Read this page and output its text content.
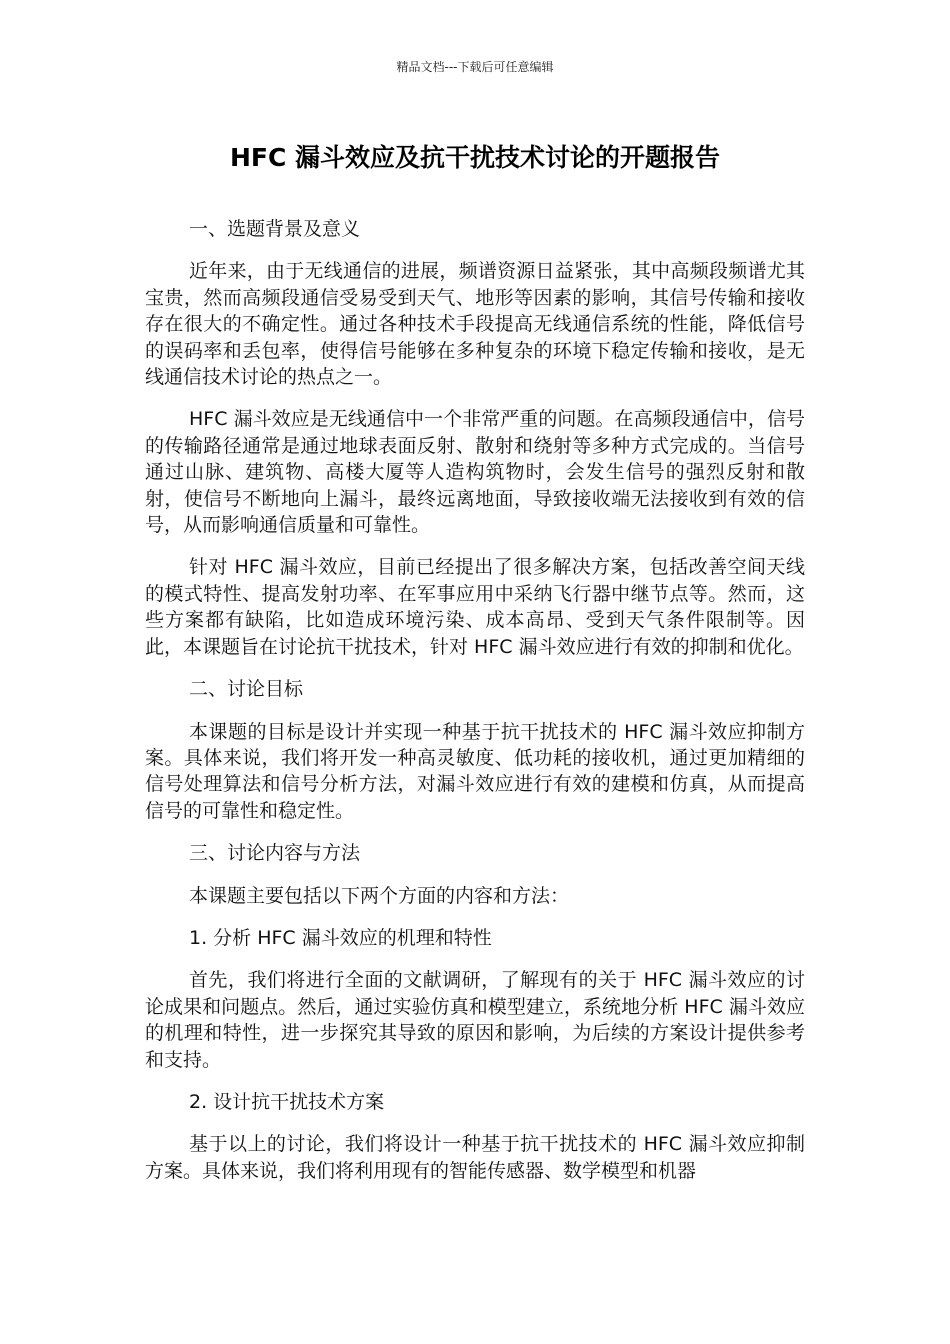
精品文档---下载后可任意编辑
HFC 漏斗效应及抗干扰技术讨论的开题报告

一、选题背景及意义

近年来，由于无线通信的进展，频谱资源日益紧张，其中高频段频谱尤其宝贵，然而高频段通信受易受到天气、地形等因素的影响，其信号传输和接收存在很大的不确定性。通过各种技术手段提高无线通信系统的性能，降低信号的误码率和丢包率，使得信号能够在多种复杂的环境下稳定传输和接收，是无线通信技术讨论的热点之一。

HFC 漏斗效应是无线通信中一个非常严重的问题。在高频段通信中，信号的传输路径通常是通过地球表面反射、散射和绕射等多种方式完成的。当信号通过山脉、建筑物、高楼大厦等人造构筑物时，会发生信号的强烈反射和散射，使信号不断地向上漏斗，最终远离地面，导致接收端无法接收到有效的信号，从而影响通信质量和可靠性。

针对 HFC 漏斗效应，目前已经提出了很多解决方案，包括改善空间天线的模式特性、提高发射功率、在军事应用中采纳飞行器中继节点等。然而，这些方案都有缺陷，比如造成环境污染、成本高昂、受到天气条件限制等。因此，本课题旨在讨论抗干扰技术，针对 HFC 漏斗效应进行有效的抑制和优化。

二、讨论目标

本课题的目标是设计并实现一种基于抗干扰技术的 HFC 漏斗效应抑制方案。具体来说，我们将开发一种高灵敏度、低功耗的接收机，通过更加精细的信号处理算法和信号分析方法，对漏斗效应进行有效的建模和仿真，从而提高信号的可靠性和稳定性。

三、讨论内容与方法

本课题主要包括以下两个方面的内容和方法：

1. 分析 HFC 漏斗效应的机理和特性

首先，我们将进行全面的文献调研，了解现有的关于 HFC 漏斗效应的讨论成果和问题点。然后，通过实验仿真和模型建立，系统地分析 HFC 漏斗效应的机理和特性，进一步探究其导致的原因和影响，为后续的方案设计提供参考和支持。

2. 设计抗干扰技术方案

基于以上的讨论，我们将设计一种基于抗干扰技术的 HFC 漏斗效应抑制方案。具体来说，我们将利用现有的智能传感器、数学模型和机器
